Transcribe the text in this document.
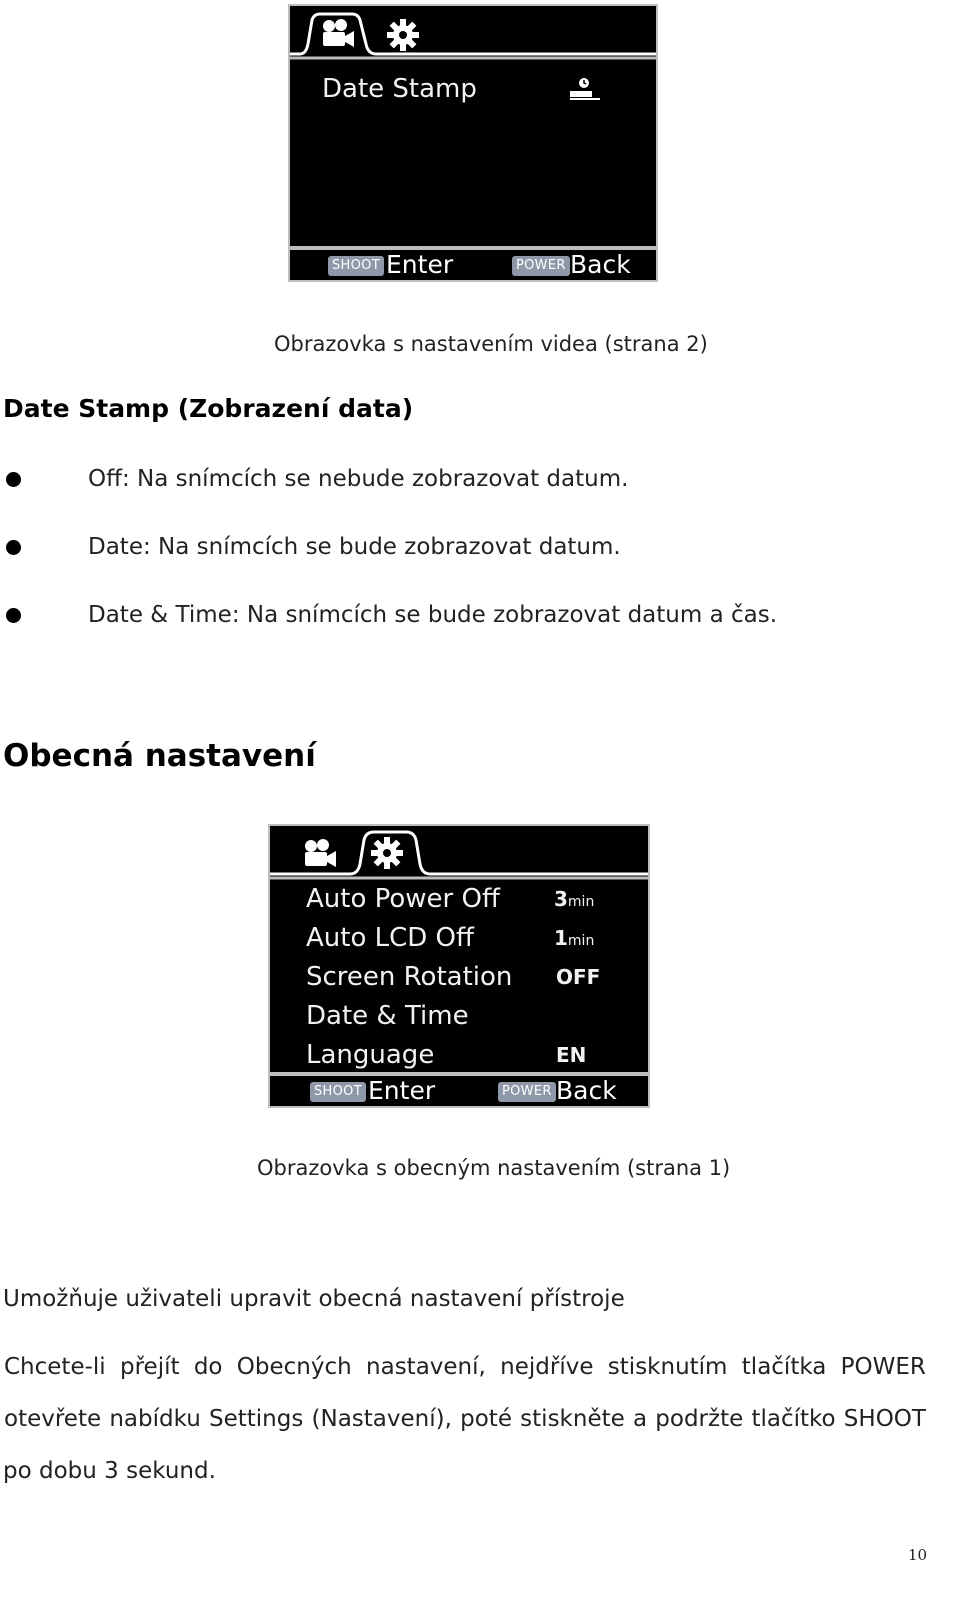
Date Stamp
SHOOT Enter	POWER Back
Obrazovka s nastavením videa (strana 2)
Date Stamp (Zobrazení data)
Off: Na snímcích se nebude zobrazovat datum.
Date: Na snímcích se bude zobrazovat datum.
Date & Time: Na snímcích se bude zobrazovat datum a čas.
Obecná nastavení
Auto Power Off	3min
Auto LCD Off	1min
Screen Rotation OFF
Date & Time
Language	EN
SHOOT Enter	POWER Back
Obrazovka s obecným nastavením (strana 1)
Umožňuje uživateli upravit obecná nastavení přístroje
Chcete-li přejít do Obecných nastavení, nejdříve stisknutím tlačítka POWER
otevřete nabídku Settings (Nastavení), poté stiskněte a podržte tlačítko SHOOT
po dobu 3 sekund.
10
